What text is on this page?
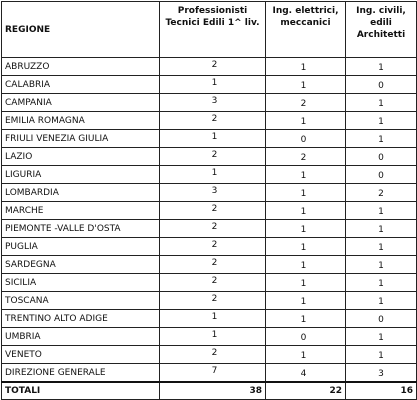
REGIONE	Professionisti Tecnici Edili 1^ liv.	Ing. elettrici, meccanici	Ing. civili, edili Architetti
ABRUZZO	2	1	1
CALABRIA	1	1	0
CAMPANIA	3	2	1
EMILIA ROMAGNA	2	1	1
FRIULI VENEZIA GIULIA	1	0	1
LAZIO	2	2	0
LIGURIA	1	1	0
LOMBARDIA	3	1	2
MARCHE	2	1	1
PIEMONTE -VALLE D'OSTA	2	1	1
PUGLIA	2	1	1
SARDEGNA	2	1	1
SICILIA	2	1	1
TOSCANA	2	1	1
TRENTINO ALTO ADIGE	1	1	0
UMBRIA	1	0	1
VENETO	2	1	1
DIREZIONE GENERALE	7	4	3
TOTALI	38	22	16
